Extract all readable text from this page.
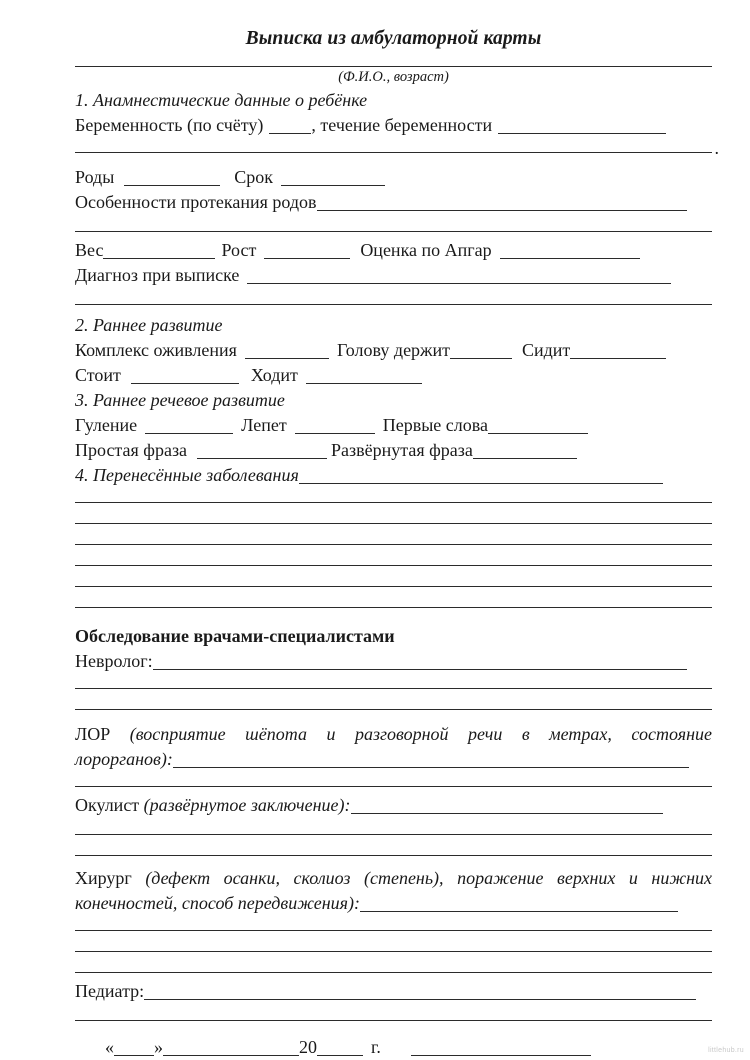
Выписка из амбулаторной карты
(Ф.И.О., возраст)
1. Анамнестические данные о ребёнке
Беременность (по счёту)	, течение беременности
.
Роды	Срок
Особенности протекания родов
Вес	Рост	Оценка по Апгар
Диагноз при выписке
2. Раннее развитие
Комплекс оживления	Голову держит	Сидит
Стоит	Ходит
3. Раннее речевое развитие
Гуление	Лепет	Первые слова
Простая фраза	Развёрнутая фраза
4. Перенесённые заболевания
Обследование врачами-специалистами
Невролог:
ЛОР (восприятие шёпота и разговорной речи в метрах, состояние
лорорганов):
Окулист (развёрнутое заключение):
Хирург (дефект осанки, сколиоз (степень), поражение верхних и нижних
конечностей, способ передвижения):
Педиатр:
« »	20	г.	littlehub.ru
